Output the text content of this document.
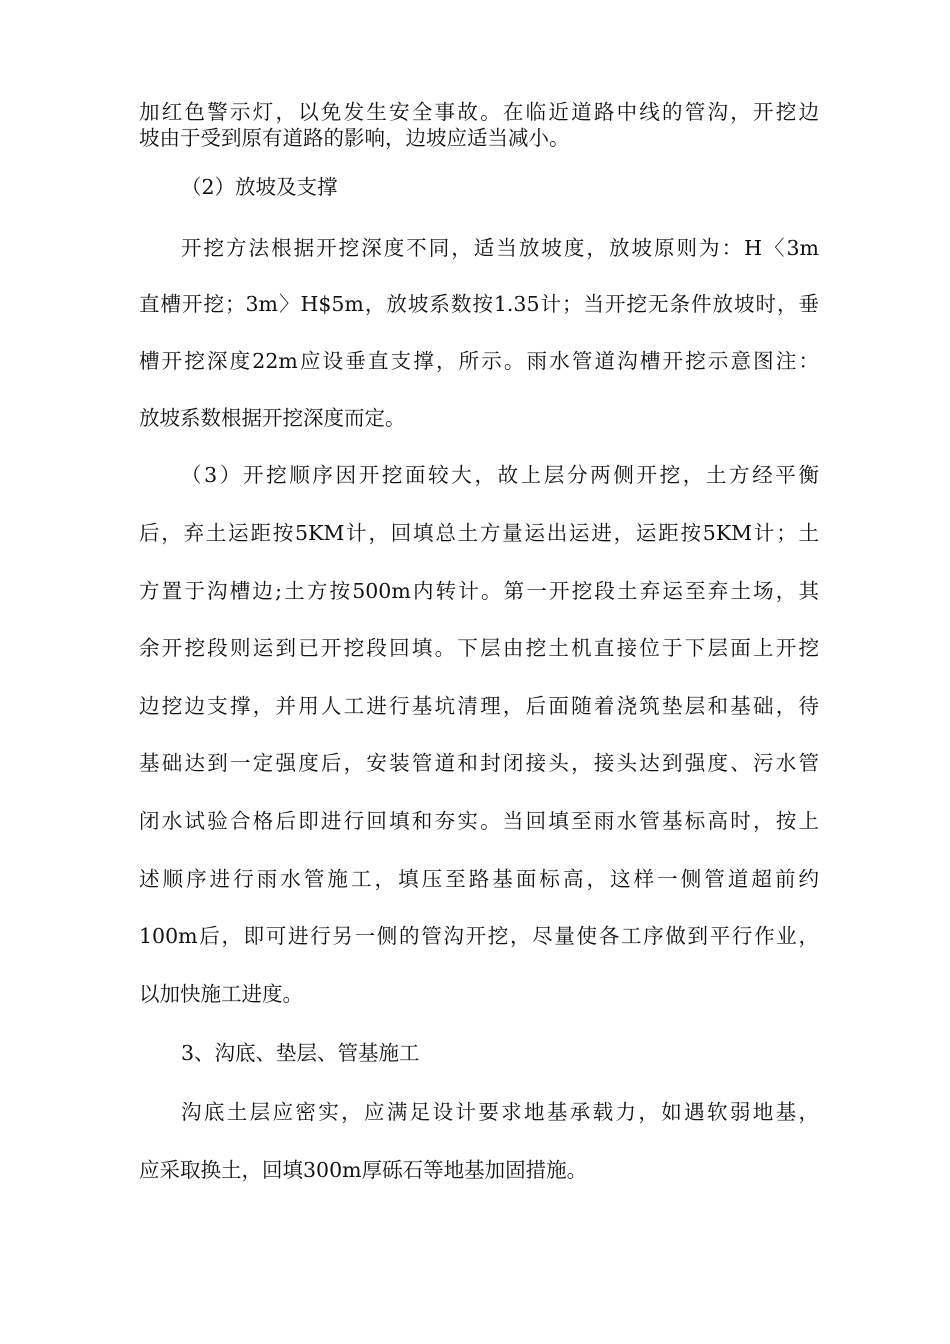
加红色警示灯，以免发生安全事故。在临近道路中线的管沟，开挖边
坡由于受到原有道路的影响，边坡应适当减小。
（2）放坡及支撑
开挖方法根据开挖深度不同，适当放坡度，放坡原则为：H〈3m
直槽开挖；3m〉H$5m，放坡系数按1.35计；当开挖无条件放坡时，垂
槽开挖深度22m应设垂直支撑，所示。雨水管道沟槽开挖示意图注：
放坡系数根据开挖深度而定。
（3）开挖顺序因开挖面较大，故上层分两侧开挖，土方经平衡
后，弃土运距按5KM计，回填总土方量运出运进，运距按5KM计；土
方置于沟槽边;土方按500m内转计。第一开挖段土弃运至弃土场，其
余开挖段则运到已开挖段回填。下层由挖土机直接位于下层面上开挖
边挖边支撑，并用人工进行基坑清理，后面随着浇筑垫层和基础，待
基础达到一定强度后，安装管道和封闭接头，接头达到强度、污水管
闭水试验合格后即进行回填和夯实。当回填至雨水管基标高时，按上
述顺序进行雨水管施工，填压至路基面标高，这样一侧管道超前约
100m后，即可进行另一侧的管沟开挖，尽量使各工序做到平行作业，
以加快施工进度。
3、沟底、垫层、管基施工
沟底土层应密实，应满足设计要求地基承载力，如遇软弱地基，
应采取换土，回填300m厚砾石等地基加固措施。
